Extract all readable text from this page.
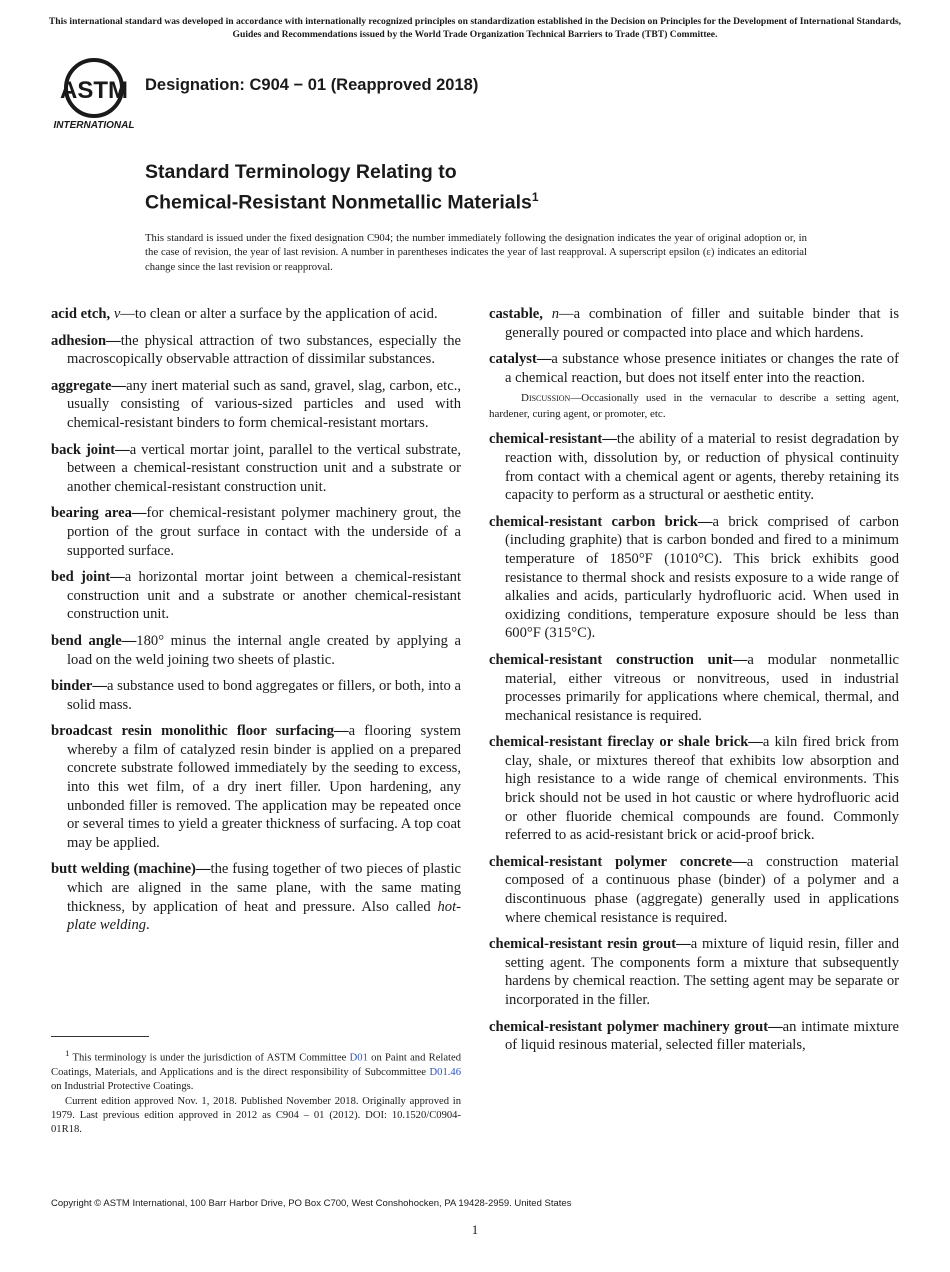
This international standard was developed in accordance with internationally recognized principles on standardization established in the Decision on Principles for the Development of International Standards, Guides and Recommendations issued by the World Trade Organization Technical Barriers to Trade (TBT) Committee.
ASTM
INTERNATIONAL
Designation: C904 − 01 (Reapproved 2018)
Standard Terminology Relating to
Chemical-Resistant Nonmetallic Materials$^1$
This standard is issued under the fixed designation C904; the number immediately following the designation indicates the year of original adoption or, in the case of revision, the year of last revision. A number in parentheses indicates the year of last reapproval. A superscript epsilon (ε) indicates an editorial change since the last revision or reapproval.

acid etch, v—to clean or alter a surface by the application of acid.

adhesion—the physical attraction of two substances, especially the macroscopically observable attraction of dissimilar substances.

aggregate—any inert material such as sand, gravel, slag, carbon, etc., usually consisting of various-sized particles and used with chemical-resistant binders to form chemical-resistant mortars.

back joint—a vertical mortar joint, parallel to the vertical substrate, between a chemical-resistant construction unit and a substrate or another chemical-resistant construction unit.

bearing area—for chemical-resistant polymer machinery grout, the portion of the grout surface in contact with the underside of a supported surface.

bed joint—a horizontal mortar joint between a chemical-resistant construction unit and a substrate or another chemical-resistant construction unit.

bend angle—180° minus the internal angle created by applying a load on the weld joining two sheets of plastic.

binder—a substance used to bond aggregates or fillers, or both, into a solid mass.

broadcast resin monolithic floor surfacing—a flooring system whereby a film of catalyzed resin binder is applied on a prepared concrete substrate followed immediately by the seeding to excess, into this wet film, of a dry inert filler. Upon hardening, any unbonded filler is removed. The application may be repeated once or several times to yield a greater thickness of surfacing. A top coat may be applied.

butt welding (machine)—the fusing together of two pieces of plastic which are aligned in the same plane, with the same mating thickness, by application of heat and pressure. Also called hot-plate welding.

castable, n—a combination of filler and suitable binder that is generally poured or compacted into place and which hardens.

catalyst—a substance whose presence initiates or changes the rate of a chemical reaction, but does not itself enter into the reaction.

Discussion—Occasionally used in the vernacular to describe a setting agent, hardener, curing agent, or promoter, etc.

chemical-resistant—the ability of a material to resist degradation by reaction with, dissolution by, or reduction of physical continuity from contact with a chemical agent or agents, thereby retaining its capacity to perform as a structural or aesthetic entity.

chemical-resistant carbon brick—a brick comprised of carbon (including graphite) that is carbon bonded and fired to a minimum temperature of 1850°F (1010°C). This brick exhibits good resistance to thermal shock and resists exposure to a wide range of alkalies and acids, particularly hydrofluoric acid. When used in oxidizing conditions, temperature exposure should be less than 600°F (315°C).

chemical-resistant construction unit—a modular nonmetallic material, either vitreous or nonvitreous, used in industrial processes primarily for applications where chemical, thermal, and mechanical resistance is required.

chemical-resistant fireclay or shale brick—a kiln fired brick from clay, shale, or mixtures thereof that exhibits low absorption and high resistance to a wide range of chemical environments. This brick should not be used in hot caustic or where hydrofluoric acid or other fluoride chemical compounds are found. Commonly referred to as acid-resistant brick or acid-proof brick.

chemical-resistant polymer concrete—a construction material composed of a continuous phase (binder) of a polymer and a discontinuous phase (aggregate) generally used in applications where chemical resistance is required.

chemical-resistant resin grout—a mixture of liquid resin, filler and setting agent. The components form a mixture that subsequently hardens by chemical reaction. The setting agent may be separate or incorporated in the filler.

chemical-resistant polymer machinery grout—an intimate mixture of liquid resinous material, selected filler materials,

$^1$ This terminology is under the jurisdiction of ASTM Committee D01 on Paint and Related Coatings, Materials, and Applications and is the direct responsibility of Subcommittee D01.46 on Industrial Protective Coatings.

Current edition approved Nov. 1, 2018. Published November 2018. Originally approved in 1979. Last previous edition approved in 2012 as C904 – 01 (2012). DOI: 10.1520/C0904-01R18.

Copyright © ASTM International, 100 Barr Harbor Drive, PO Box C700, West Conshohocken, PA 19428-2959. United States
1
